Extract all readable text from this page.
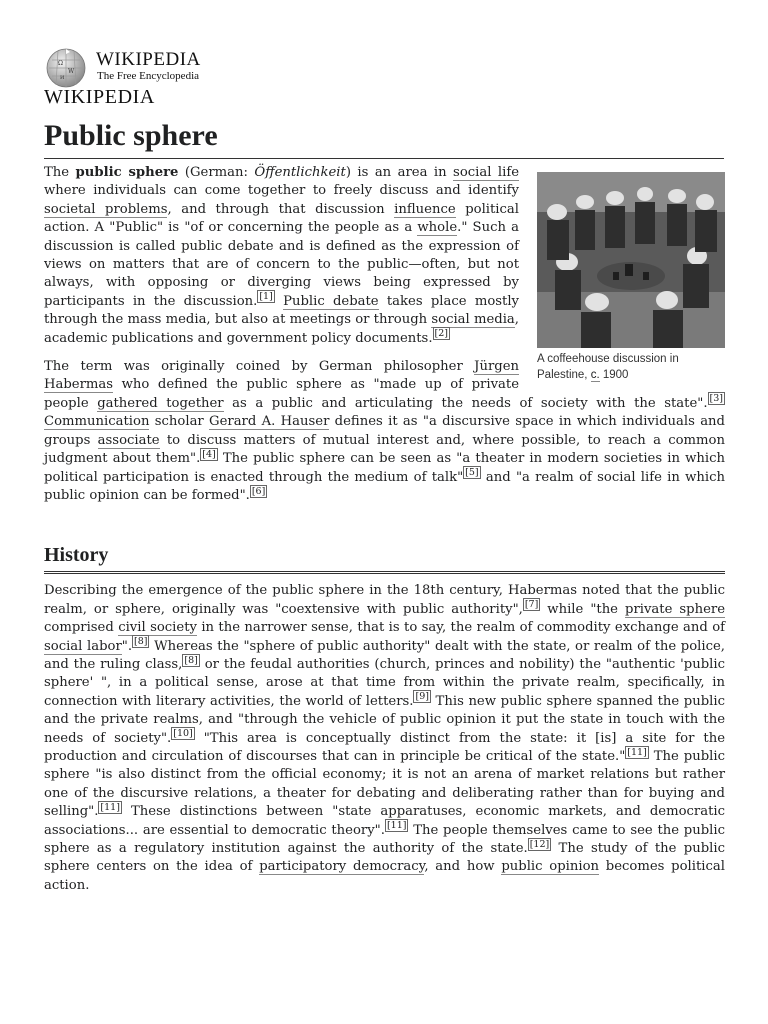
Ω
W
И
WIKIPEDIA
The Free Encyclopedia
WIKIPEDIA
Public sphere
A coffeehouse discussion in Palestine, c. 1900

The public sphere (German: Öffentlichkeit) is an area in social life where individuals can come together to freely discuss and identify societal problems, and through that discussion influence political action. A "Public" is "of or concerning the people as a whole." Such a discussion is called public debate and is defined as the expression of views on matters that are of concern to the public—often, but not always, with opposing or diverging views being expressed by participants in the discussion. [1] Public debate takes place mostly through the mass media, but also at meetings or through social media, academic publications and government policy documents. [2]

The term was originally coined by German philosopher Jürgen Habermas who defined the public sphere as "made up of private people gathered together as a public and articulating the needs of society with the state". [3] Communication scholar Gerard A. Hauser defines it as "a discursive space in which individuals and groups associate to discuss matters of mutual interest and, where possible, to reach a common judgment about them". [4] The public sphere can be seen as "a theater in modern societies in which political participation is enacted through the medium of talk" [5] and "a realm of social life in which public opinion can be formed". [6]

History

Describing the emergence of the public sphere in the 18th century, Habermas noted that the public realm, or sphere, originally was "coextensive with public authority", [7] while "the private sphere comprised civil society in the narrower sense, that is to say, the realm of commodity exchange and of social labor". [8] Whereas the "sphere of public authority" dealt with the state, or realm of the police, and the ruling class, [8] or the feudal authorities (church, princes and nobility) the "authentic 'public sphere' ", in a political sense, arose at that time from within the private realm, specifically, in connection with literary activities, the world of letters. [9] This new public sphere spanned the public and the private realms, and "through the vehicle of public opinion it put the state in touch with the needs of society". [10] "This area is conceptually distinct from the state: it [is] a site for the production and circulation of discourses that can in principle be critical of the state." [11] The public sphere "is also distinct from the official economy; it is not an arena of market relations but rather one of the discursive relations, a theater for debating and deliberating rather than for buying and selling". [11] These distinctions between "state apparatuses, economic markets, and democratic associations... are essential to democratic theory". [11] The people themselves came to see the public sphere as a regulatory institution against the authority of the state. [12] The study of the public sphere centers on the idea of participatory democracy, and how public opinion becomes political action.
